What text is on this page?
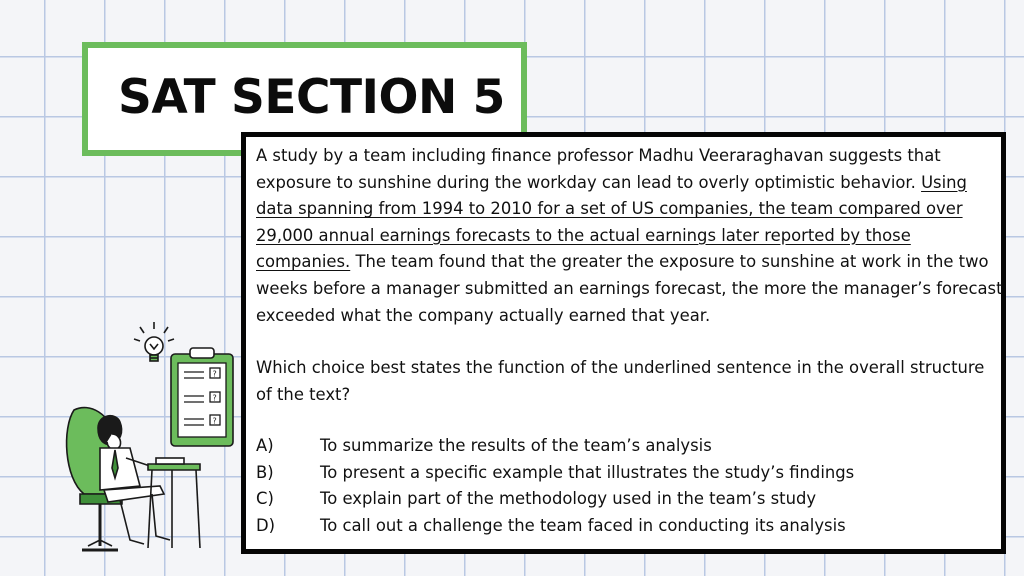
SAT SECTION 5
?
?
?

A study by a team including finance professor Madhu Veeraraghavan suggests that exposure to sunshine during the workday can lead to overly optimistic behavior. Using data spanning from 1994 to 2010 for a set of US companies, the team compared over 29,000 annual earnings forecasts to the actual earnings later reported by those companies. The team found that the greater the exposure to sunshine at work in the two weeks before a manager submitted an earnings forecast, the more the manager’s forecast exceeded what the company actually earned that year.

Which choice best states the function of the underlined sentence in the overall structure of the text?

A)	To summarize the results of the team’s analysis
B)	To present a specific example that illustrates the study’s findings
C)	To explain part of the methodology used in the team’s study
D)	To call out a challenge the team faced in conducting its analysis
